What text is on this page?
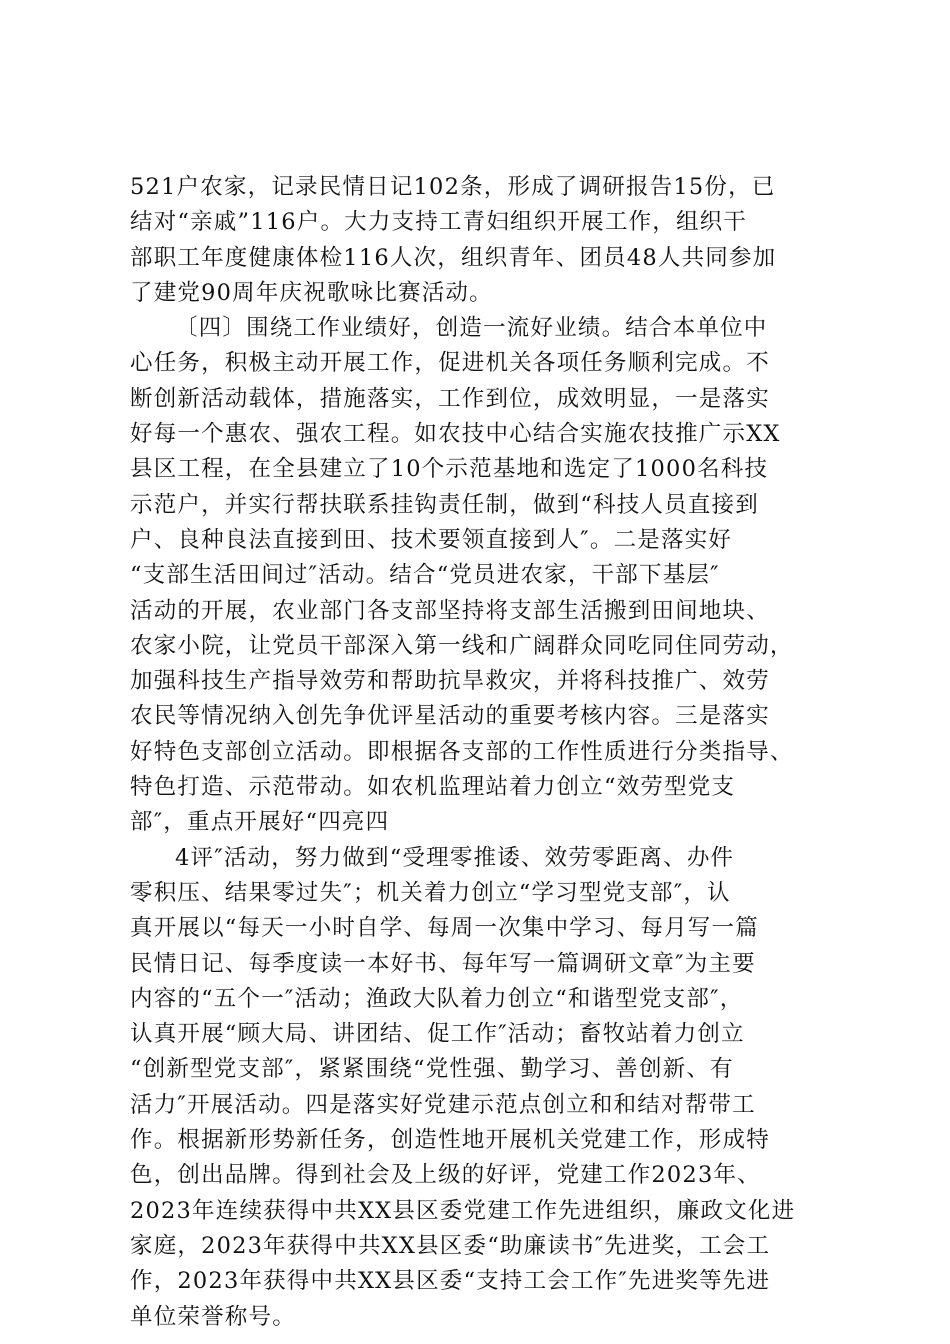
521户农家，记录民情日记102条，形成了调研报告15份，已
结对“亲戚”116户。大力支持工青妇组织开展工作，组织干
部职工年度健康体检116人次，组织青年、团员48人共同参加
了建党90周年庆祝歌咏比赛活动。
〔四〕围绕工作业绩好，创造一流好业绩。结合本单位中
心任务，积极主动开展工作，促进机关各项任务顺利完成。不
断创新活动载体，措施落实，工作到位，成效明显，一是落实
好每一个惠农、强农工程。如农技中心结合实施农技推广示XX
县区工程，在全县建立了10个示范基地和选定了1000名科技
示范户，并实行帮扶联系挂钩责任制，做到“科技人员直接到
户、良种良法直接到田、技术要领直接到人″。二是落实好
“支部生活田间过″活动。结合“党员进农家，干部下基层″
活动的开展，农业部门各支部坚持将支部生活搬到田间地块、
农家小院，让党员干部深入第一线和广阔群众同吃同住同劳动，
加强科技生产指导效劳和帮助抗旱救灾，并将科技推广、效劳
农民等情况纳入创先争优评星活动的重要考核内容。三是落实
好特色支部创立活动。即根据各支部的工作性质进行分类指导、
特色打造、示范带动。如农机监理站着力创立“效劳型党支
部″，重点开展好“四亮四
4评″活动，努力做到“受理零推诿、效劳零距离、办件
零积压、结果零过失″；机关着力创立“学习型党支部″，认
真开展以“每天一小时自学、每周一次集中学习、每月写一篇
民情日记、每季度读一本好书、每年写一篇调研文章″为主要
内容的“五个一″活动；渔政大队着力创立“和谐型党支部″，
认真开展“顾大局、讲团结、促工作″活动；畜牧站着力创立
“创新型党支部″，紧紧围绕“党性强、勤学习、善创新、有
活力″开展活动。四是落实好党建示范点创立和和结对帮带工
作。根据新形势新任务，创造性地开展机关党建工作，形成特
色，创出品牌。得到社会及上级的好评，党建工作2023年、
2023年连续获得中共XX县区委党建工作先进组织，廉政文化进
家庭，2023年获得中共XX县区委“助廉读书″先进奖，工会工
作，2023年获得中共XX县区委“支持工会工作″先进奖等先进
单位荣誉称号。
